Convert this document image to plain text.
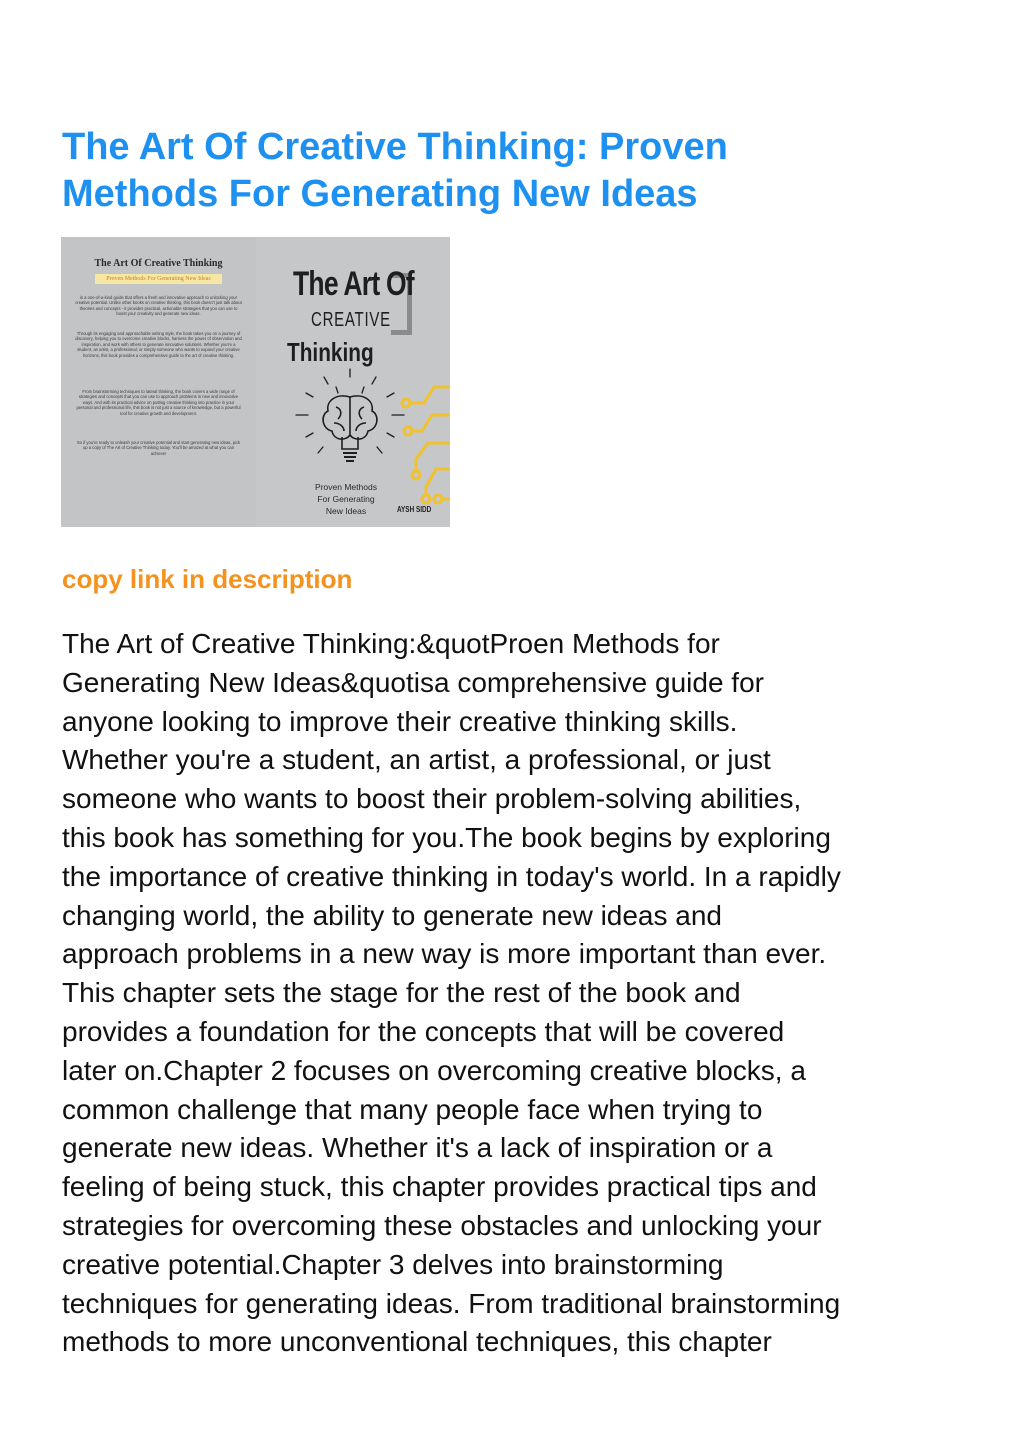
The Art Of Creative Thinking: Proven
Methods For Generating New Ideas
The Art Of Creative Thinking
Proven Methods For Generating New Ideas
is a one-of-a-kind guide that offers a fresh and innovative approach to unlocking your creative potential. Unlike other books on creative thinking, this book doesn't just talk about theories and concepts - it provides practical, actionable strategies that you can use to boost your creativity and generate new ideas.
Through its engaging and approachable writing style, the book takes you on a journey of discovery, helping you to overcome creative blocks, harness the power of observation and inspiration, and work with others to generate innovative solutions. Whether you're a student, an artist, a professional, or simply someone who wants to expand your creative horizons, this book provides a comprehensive guide to the art of creative thinking.
From brainstorming techniques to lateral thinking, the book covers a wide range of strategies and concepts that you can use to approach problems in new and innovative ways. And with its practical advice on putting creative thinking into practice in your personal and professional life, this book is not just a source of knowledge, but a powerful tool for creative growth and development.
So if you're ready to unleash your creative potential and start generating new ideas, pick up a copy of The Art of Creative Thinking today. You'll be amazed at what you can achieve!
The Art Of
CREATIVE
Thinking
Proven Methods
For Generating
New Ideas	AYSH SIDD

copy link in description

The Art of Creative Thinking:&quotProen Methods for
Generating New Ideas&quotisa comprehensive guide for
anyone looking to improve their creative thinking skills.
Whether you're a student, an artist, a professional, or just
someone who wants to boost their problem-solving abilities,
this book has something for you.The book begins by exploring
the importance of creative thinking in today's world. In a rapidly
changing world, the ability to generate new ideas and
approach problems in a new way is more important than ever.
This chapter sets the stage for the rest of the book and
provides a foundation for the concepts that will be covered
later on.Chapter 2 focuses on overcoming creative blocks, a
common challenge that many people face when trying to
generate new ideas. Whether it's a lack of inspiration or a
feeling of being stuck, this chapter provides practical tips and
strategies for overcoming these obstacles and unlocking your
creative potential.Chapter 3 delves into brainstorming
techniques for generating ideas. From traditional brainstorming
methods to more unconventional techniques, this chapter
